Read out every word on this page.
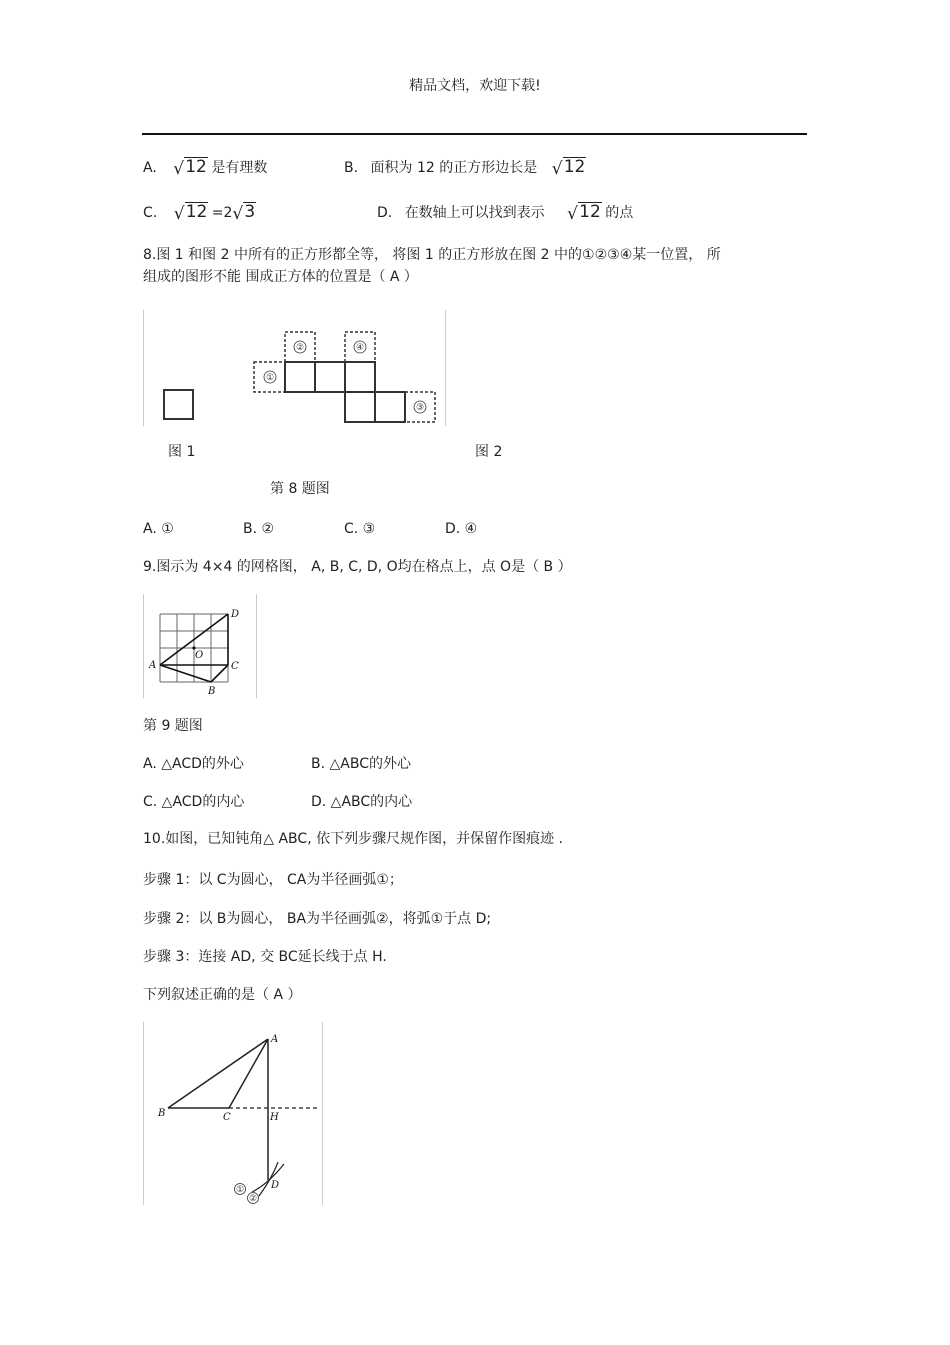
精品文档，欢迎下载!
A. √ 12 是有理数	B. 面积为 12 的正方形边长是 √ 12
C. √ 12 =2 √ 3	D. 在数轴上可以找到表示 √ 12 的点
8.图 1 和图 2 中所有的正方形都全等， 将图 1 的正方形放在图 2 中的①②③④某一位置， 所
组成的图形不能 围成正方体的位置是（ A ）
①
②
③
④
图 1	图 2
第 8 题图
A. ①	B. ②	C. ③	D. ④
9.图示为 4×4 的网格图， A, B, C, D, O均在格点上，点 O是（ B ）
A
B
C
D
O
第 9 题图
A. △ACD的外心	B. △ABC的外心
C. △ACD的内心	D. △ABC的内心
10.如图，已知钝角△ ABC, 依下列步骤尺规作图，并保留作图痕迹 .
步骤 1：以 C为圆心， CA为半径画弧①；
步骤 2：以 B为圆心， BA为半径画弧②，将弧①于点 D;
步骤 3：连接 AD, 交 BC延长线于点 H.
下列叙述正确的是（ A ）
A
B	C	H
D
①
②
